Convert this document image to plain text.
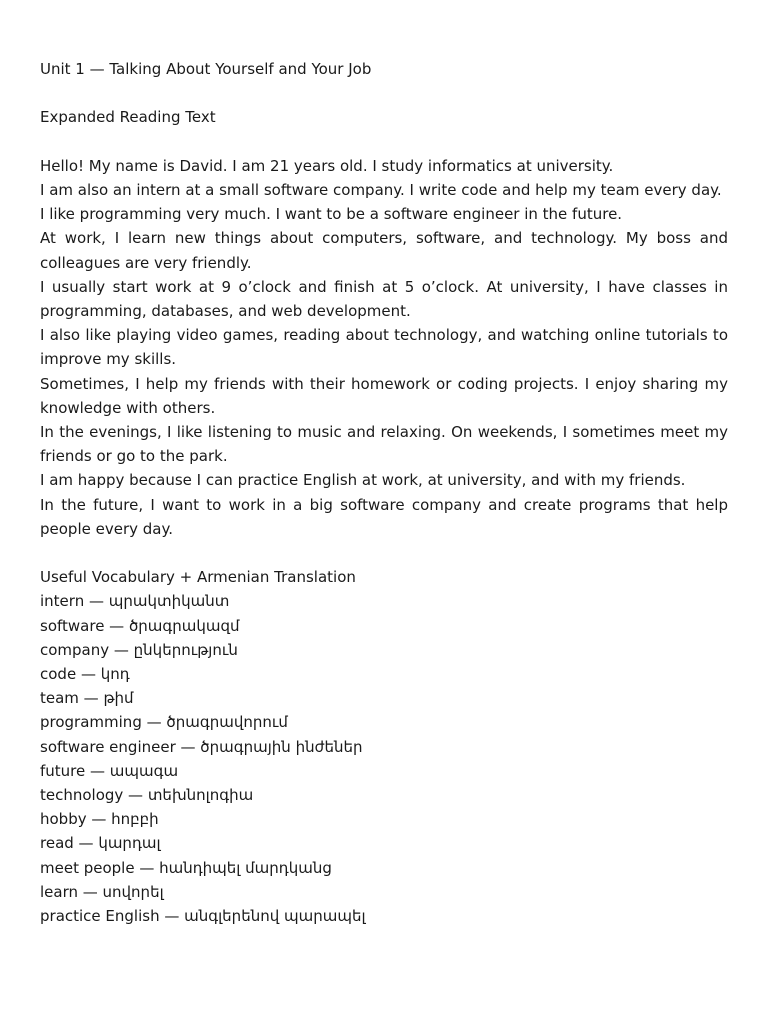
Unit 1 — Talking About Yourself and Your Job
Expanded Reading Text

Hello! My name is David. I am 21 years old. I study informatics at university.

I am also an intern at a small software company. I write code and help my team every day.

I like programming very much. I want to be a software engineer in the future.

At work, I learn new things about computers, software, and technology. My boss and colleagues are very friendly.

I usually start work at 9 o’clock and finish at 5 o’clock. At university, I have classes in programming, databases, and web development.

I also like playing video games, reading about technology, and watching online tutorials to improve my skills.

Sometimes, I help my friends with their homework or coding projects. I enjoy sharing my knowledge with others.

In the evenings, I like listening to music and relaxing. On weekends, I sometimes meet my friends or go to the park.

I am happy because I can practice English at work, at university, and with my friends.

In the future, I want to work in a big software company and create programs that help people every day.

Useful Vocabulary + Armenian Translation
intern — պրակտիկանտ
software — ծրագրակազմ
company — ընկերություն
code — կոդ
team — թիմ
programming — ծրագրավորում
software engineer — ծրագրային ինժեներ
future — ապագա
technology — տեխնոլոգիա
hobby — հոբբի
read — կարդալ
meet people — հանդիպել մարդկանց
learn — սովորել
practice English — անգլերենով պարապել
